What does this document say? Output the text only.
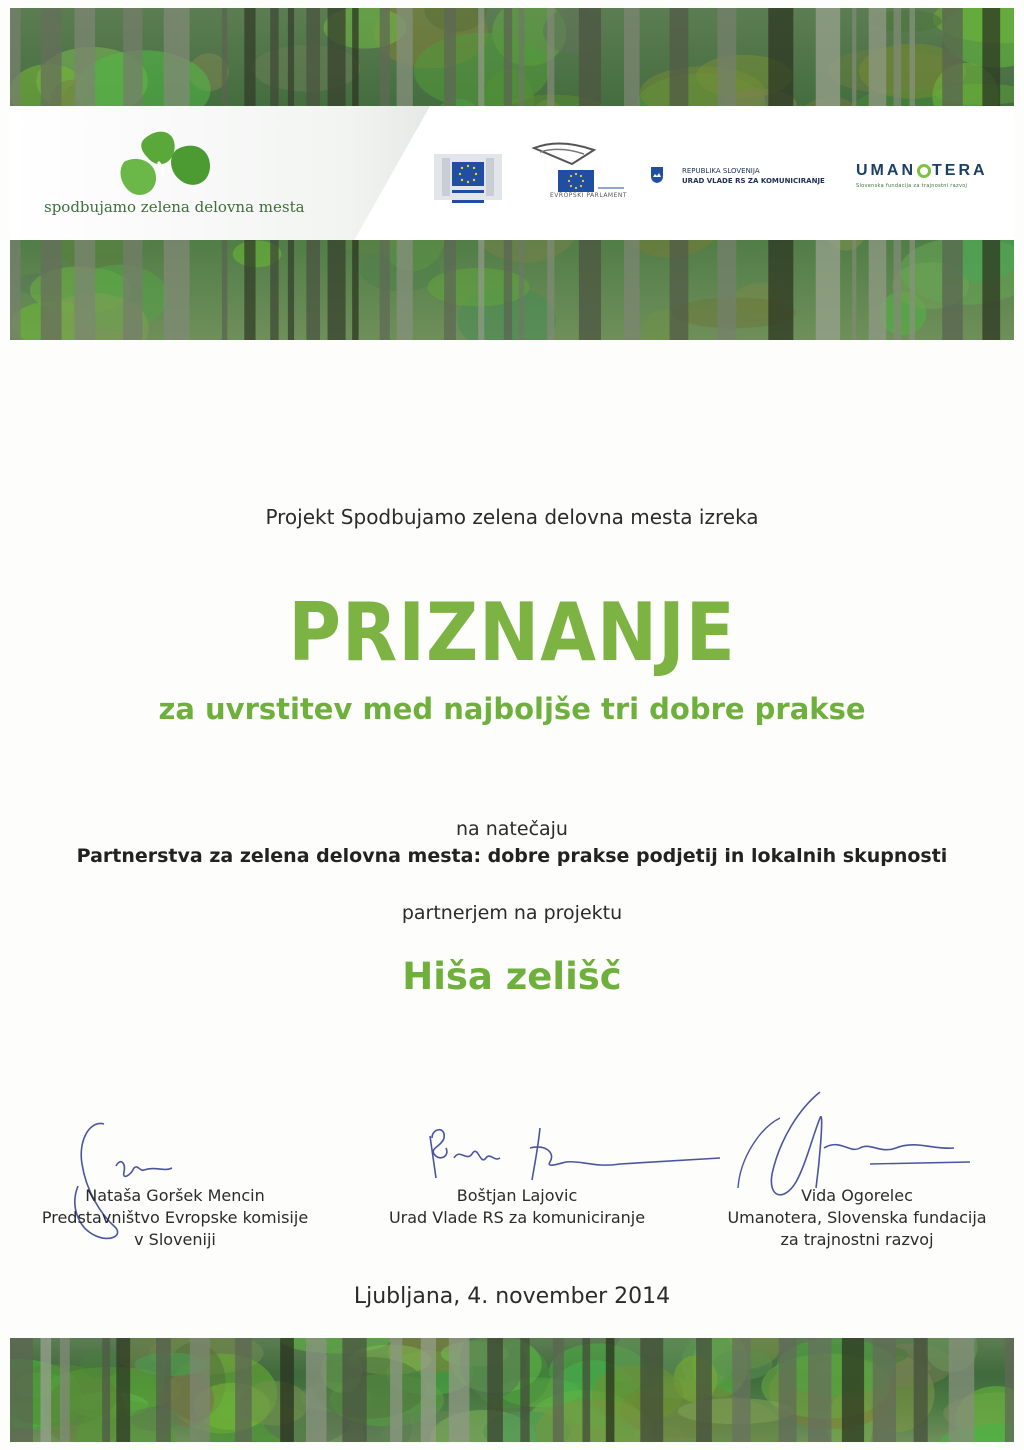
spodbujamo zelena delovna mesta
EVROPSKI PARLAMENT
REPUBLIKA SLOVENIJA
URAD VLADE RS ZA KOMUNICIRANJE
UMAN TERA
Slovenska fundacija za trajnostni razvoj
Projekt Spodbujamo zelena delovna mesta izreka
PRIZNANJE
za uvrstitev med najboljše tri dobre prakse
na natečaju
Partnerstva za zelena delovna mesta: dobre prakse podjetij in lokalnih skupnosti
partnerjem na projektu
Hiša zelišč
Nataša Goršek Mencin
Predstavništvo Evropske komisije
v Sloveniji
Boštjan Lajovic
Urad Vlade RS za komuniciranje
Vida Ogorelec
Umanotera, Slovenska fundacija
za trajnostni razvoj
Ljubljana, 4. november 2014
